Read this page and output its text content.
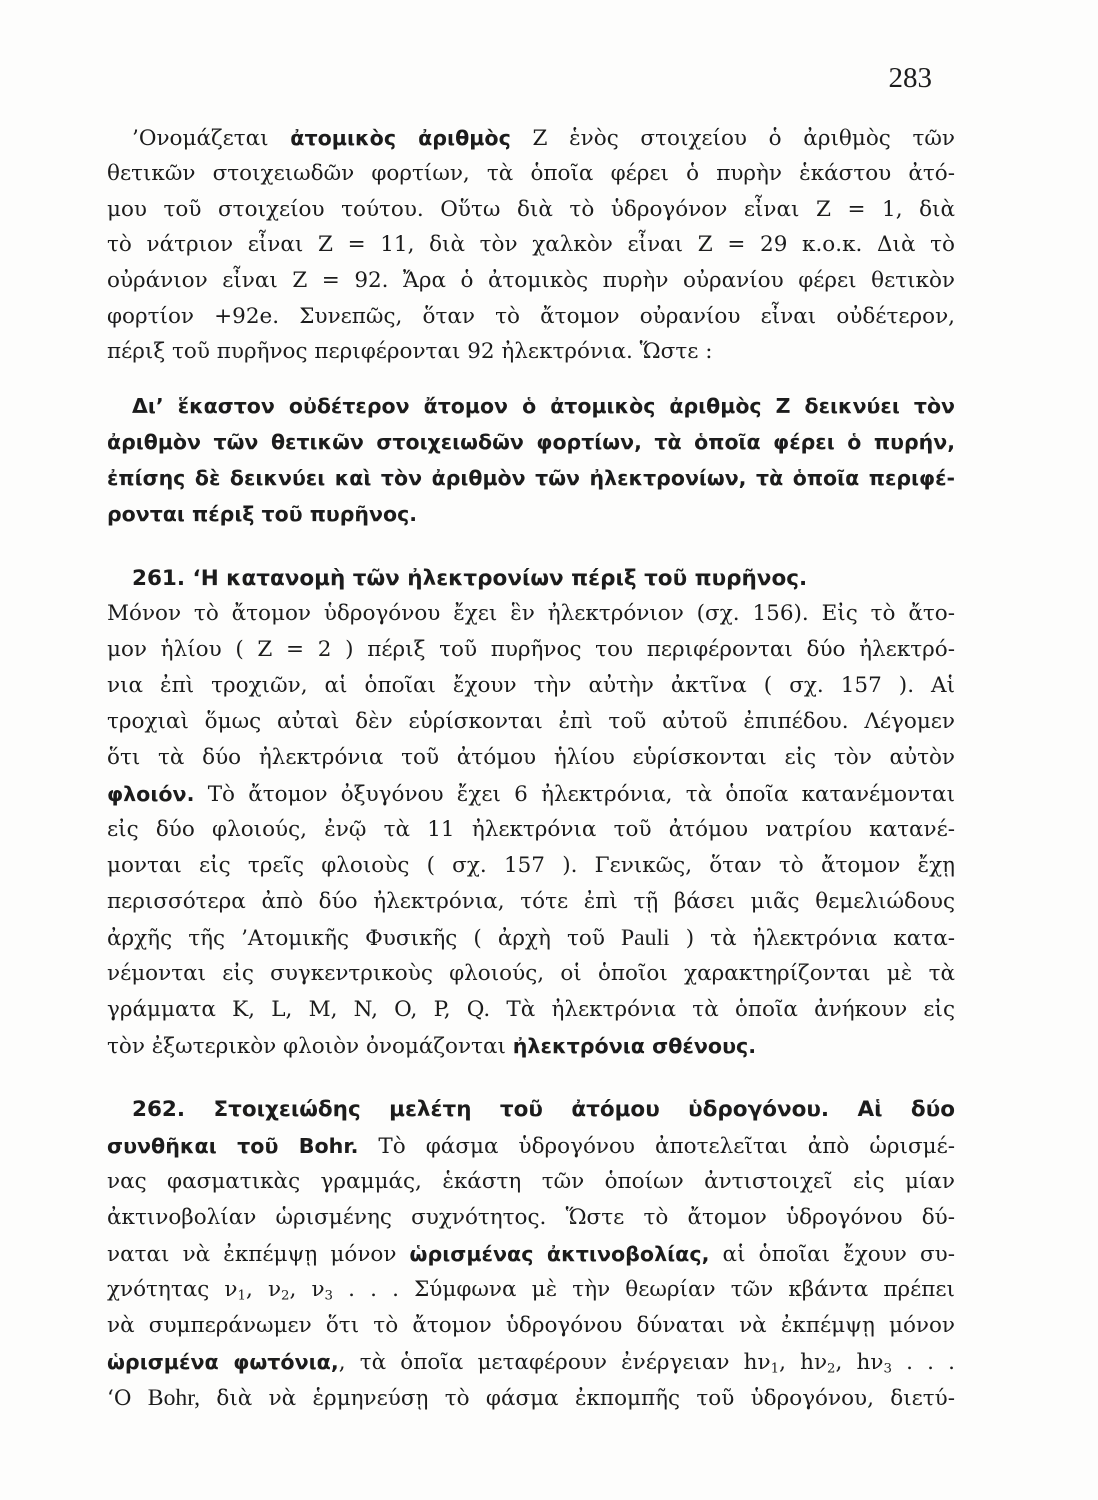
283
’Ονομάζεται ἀτομικὸς ἀριθμὸς Ζ ἑνὸς στοιχείου ὁ ἀριθμὸς τῶν
θετικῶν στοιχειωδῶν φορτίων, τὰ ὁποῖα φέρει ὁ πυρὴν ἑκάστου ἀτό-
μου τοῦ στοιχείου τούτου. Οὕτω διὰ τὸ ὑδρογόνον εἶναι Ζ = 1, διὰ
τὸ νάτριον εἶναι Ζ = 11, διὰ τὸν χαλκὸν εἶναι Ζ = 29 κ.ο.κ. Διὰ τὸ
οὐράνιον εἶναι Ζ = 92. Ἄρα ὁ ἀτομικὸς πυρὴν οὐρανίου φέρει θετικὸν
φορτίον +92e. Συνεπῶς, ὅταν τὸ ἄτομον οὐρανίου εἶναι οὐδέτερον,
πέριξ τοῦ πυρῆνος περιφέρονται 92 ἠλεκτρόνια. Ὥστε :
Δι’ ἕκαστον οὐδέτερον ἄτομον ὁ ἀτομικὸς ἀριθμὸς Ζ δεικνύει τὸν
ἀριθμὸν τῶν θετικῶν στοιχειωδῶν φορτίων, τὰ ὁποῖα φέρει ὁ πυρήν,
ἐπίσης δὲ δεικνύει καὶ τὸν ἀριθμὸν τῶν ἠλεκτρονίων, τὰ ὁποῖα περιφέ-
ρονται πέριξ τοῦ πυρῆνος.
261. ‘Η κατανομὴ τῶν ἠλεκτρονίων πέριξ τοῦ πυρῆνος.
Μόνον τὸ ἄτομον ὑδρογόνου ἔχει ἓν ἠλεκτρόνιον (σχ. 156). Εἰς τὸ ἄτο-
μον ἡλίου ( Ζ = 2 ) πέριξ τοῦ πυρῆνος του περιφέρονται δύο ἠλεκτρό-
νια ἐπὶ τροχιῶν, αἱ ὁποῖαι ἔχουν τὴν αὐτὴν ἀκτῖνα ( σχ. 157 ). Αἱ
τροχιαὶ ὅμως αὐταὶ δὲν εὑρίσκονται ἐπὶ τοῦ αὐτοῦ ἐπιπέδου. Λέγομεν
ὅτι τὰ δύο ἠλεκτρόνια τοῦ ἀτόμου ἡλίου εὑρίσκονται εἰς τὸν αὐτὸν
φλοιόν. Τὸ ἄτομον ὀξυγόνου ἔχει 6 ἠλεκτρόνια, τὰ ὁποῖα κατανέμονται
εἰς δύο φλοιούς, ἐνῷ τὰ 11 ἠλεκτρόνια τοῦ ἀτόμου νατρίου κατανέ-
μονται εἰς τρεῖς φλοιοὺς ( σχ. 157 ). Γενικῶς, ὅταν τὸ ἄτομον ἔχῃ
περισσότερα ἀπὸ δύο ἠλεκτρόνια, τότε ἐπὶ τῇ βάσει μιᾶς θεμελιώδους
ἀρχῆς τῆς ’Ατομικῆς Φυσικῆς ( ἀρχὴ τοῦ Pauli ) τὰ ἠλεκτρόνια κατα-
νέμονται εἰς συγκεντρικοὺς φλοιούς, οἱ ὁποῖοι χαρακτηρίζονται μὲ τὰ
γράμματα K, L, M, N, O, P, Q. Τὰ ἠλεκτρόνια τὰ ὁποῖα ἀνήκουν εἰς
τὸν ἐξωτερικὸν φλοιὸν ὀνομάζονται ἠλεκτρόνια σθένους.
262. Στοιχειώδης μελέτη τοῦ ἀτόμου ὑδρογόνου. Αἱ δύο
συνθῆκαι τοῦ Bohr. Τὸ φάσμα ὑδρογόνου ἀποτελεῖται ἀπὸ ὡρισμέ-
νας φασματικὰς γραμμάς, ἑκάστη τῶν ὁποίων ἀντιστοιχεῖ εἰς μίαν
ἀκτινοβολίαν ὡρισμένης συχνότητος. Ὥστε τὸ ἄτομον ὑδρογόνου δύ-
ναται νὰ ἐκπέμψῃ μόνον ὡρισμένας ἀκτινοβολίας, αἱ ὁποῖαι ἔχουν συ-
χνότητας $\nu_1$, $\nu_2$, $\nu_3$ . . . Σύμφωνα μὲ τὴν θεωρίαν τῶν κβάντα πρέπει
νὰ συμπεράνωμεν ὅτι τὸ ἄτομον ὑδρογόνου δύναται νὰ ἐκπέμψῃ μόνον
ὡρισμένα φωτόνια,, τὰ ὁποῖα μεταφέρουν ἐνέργειαν $h\nu_1$, $h\nu_2$, $h\nu_3$ . . .
‘Ο Bohr, διὰ νὰ ἑρμηνεύσῃ τὸ φάσμα ἐκπομπῆς τοῦ ὑδρογόνου, διετύ-
